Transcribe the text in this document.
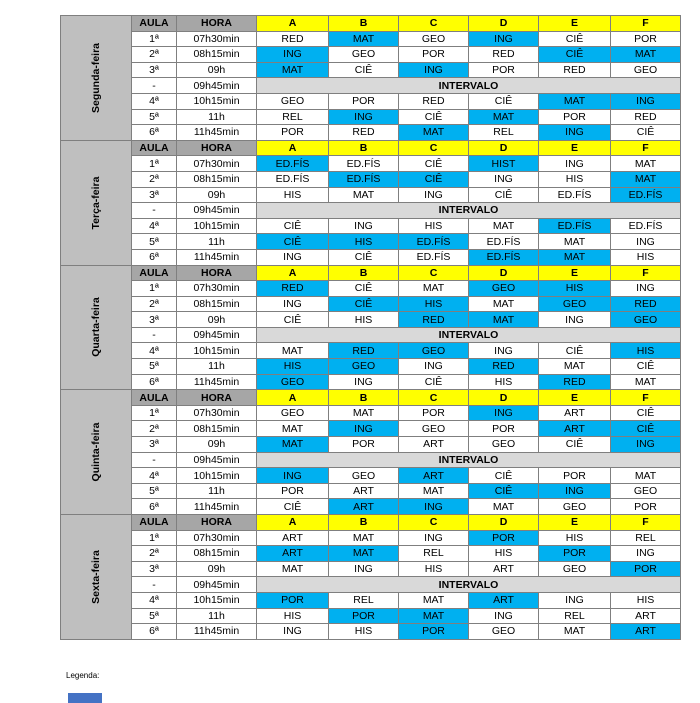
Segunda-feira	AULA	HORA	A	B	C	D	E	F
	1ª	07h30min	RED	MAT	GEO	ING	CIÊ	POR
	2ª	08h15min	ING	GEO	POR	RED	CIÊ	MAT
	3ª	09h	MAT	CIÊ	ING	POR	RED	GEO
	-	09h45min	INTERVALO					
	4ª	10h15min	GEO	POR	RED	CIÊ	MAT	ING
	5ª	11h	REL	ING	CIÊ	MAT	POR	RED
	6ª	11h45min	POR	RED	MAT	REL	ING	CIÊ

Terça-feira	AULA	HORA	A	B	C	D	E	F
	1ª	07h30min	ED.FÍS	ED.FÍS	CIÊ	HIST	ING	MAT
	2ª	08h15min	ED.FÍS	ED.FÍS	CIÊ	ING	HIS	MAT
	3ª	09h	HIS	MAT	ING	CIÊ	ED.FÍS	ED.FÍS
	-	09h45min	INTERVALO					
	4ª	10h15min	CIÊ	ING	HIS	MAT	ED.FÍS	ED.FÍS
	5ª	11h	CIÊ	HIS	ED.FÍS	ED.FÍS	MAT	ING
	6ª	11h45min	ING	CIÊ	ED.FÍS	ED.FÍS	MAT	HIS

Quarta-feira	AULA	HORA	A	B	C	D	E	F
	1ª	07h30min	RED	CIÊ	MAT	GEO	HIS	ING
	2ª	08h15min	ING	CIÊ	HIS	MAT	GEO	RED
	3ª	09h	CIÊ	HIS	RED	MAT	ING	GEO
	-	09h45min	INTERVALO					
	4ª	10h15min	MAT	RED	GEO	ING	CIÊ	HIS
	5ª	11h	HIS	GEO	ING	RED	MAT	CIÊ
	6ª	11h45min	GEO	ING	CIÊ	HIS	RED	MAT

Quinta-feira	AULA	HORA	A	B	C	D	E	F
	1ª	07h30min	GEO	MAT	POR	ING	ART	CIÊ
	2ª	08h15min	MAT	ING	GEO	POR	ART	CIÊ
	3ª	09h	MAT	POR	ART	GEO	CIÊ	ING
	-	09h45min	INTERVALO					
	4ª	10h15min	ING	GEO	ART	CIÊ	POR	MAT
	5ª	11h	POR	ART	MAT	CIÊ	ING	GEO
	6ª	11h45min	CIÊ	ART	ING	MAT	GEO	POR

Sexta-feira	AULA	HORA	A	B	C	D	E	F
	1ª	07h30min	ART	MAT	ING	POR	HIS	REL
	2ª	08h15min	ART	MAT	REL	HIS	POR	ING
	3ª	09h	MAT	ING	HIS	ART	GEO	POR
	-	09h45min	INTERVALO					
	4ª	10h15min	POR	REL	MAT	ART	ING	HIS
	5ª	11h	HIS	POR	MAT	ING	REL	ART
	6ª	11h45min	ING	HIS	POR	GEO	MAT	ART
Legenda:
